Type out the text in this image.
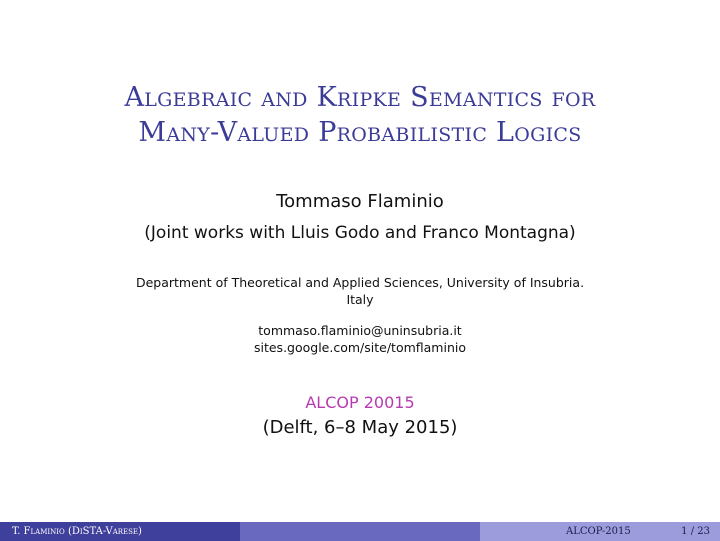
Algebraic and Kripke Semantics for
Many-Valued Probabilistic Logics
Tommaso Flaminio
(Joint works with Lluis Godo and Franco Montagna)
Department of Theoretical and Applied Sciences, University of Insubria.
Italy
tommaso.flaminio@uninsubria.it
sites.google.com/site/tomflaminio
ALCOP 20015
(Delft, 6–8 May 2015)
T. Flaminio (DiSTA-Varese)	ALCOP-2015	1 / 23
